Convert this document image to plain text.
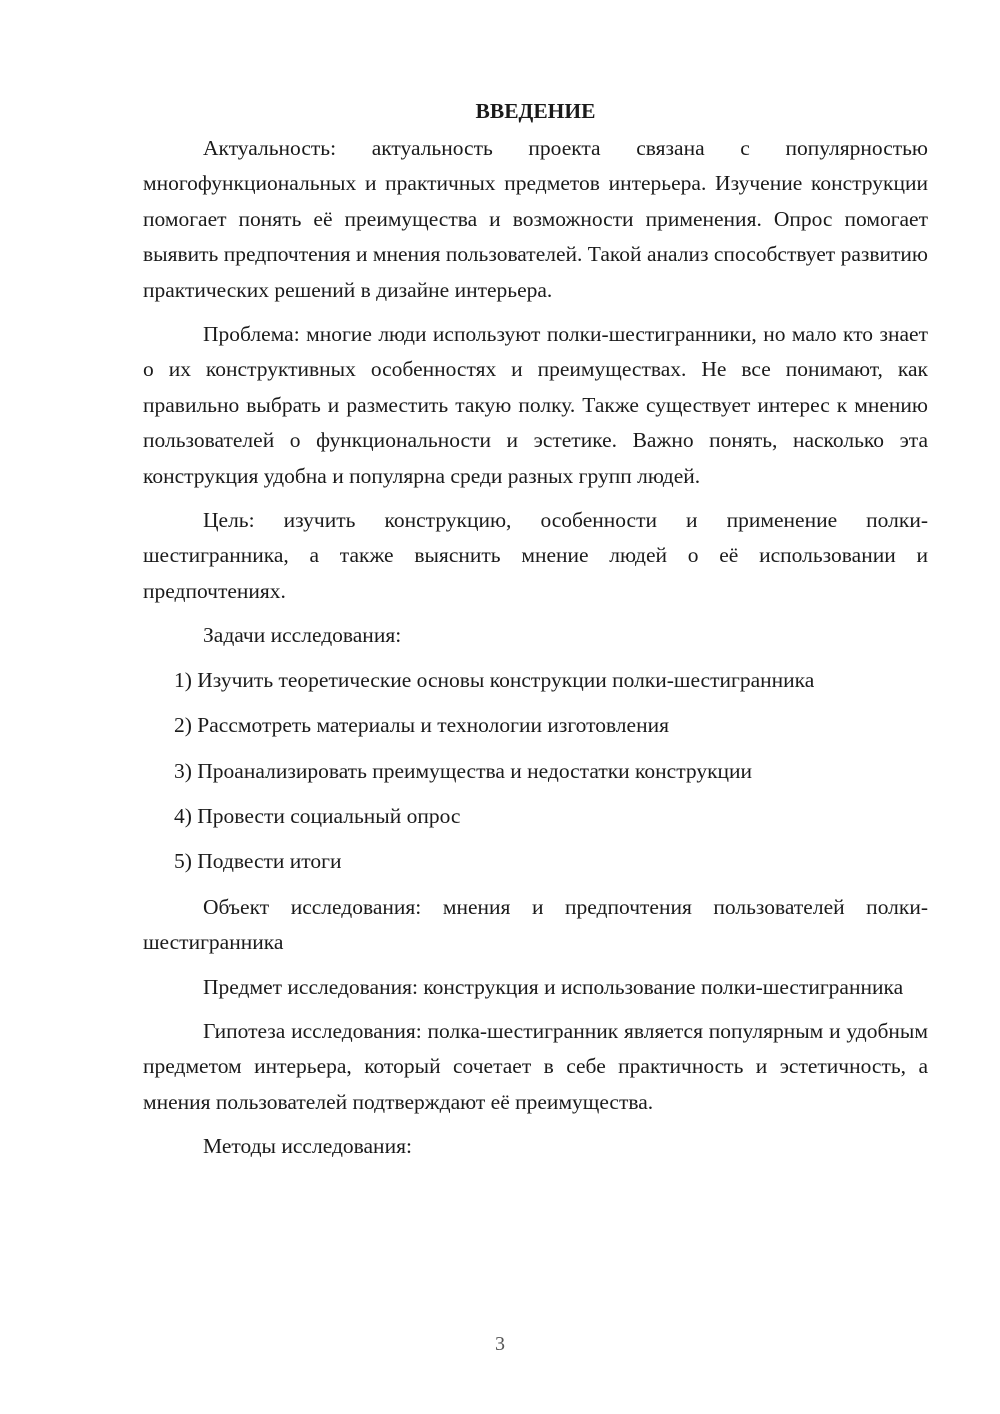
ВВЕДЕНИЕ

Актуальность: актуальность проекта связана с популярностью многофункциональных и практичных предметов интерьера. Изучение конструкции помогает понять её преимущества и возможности применения. Опрос помогает выявить предпочтения и мнения пользователей. Такой анализ способствует развитию практических решений в дизайне интерьера.

Проблема: многие люди используют полки-шестигранники, но мало кто знает о их конструктивных особенностях и преимуществах. Не все понимают, как правильно выбрать и разместить такую полку. Также существует интерес к мнению пользователей о функциональности и эстетике. Важно понять, насколько эта конструкция удобна и популярна среди разных групп людей.

Цель: изучить конструкцию, особенности и применение полки-шестигранника, а также выяснить мнение людей о её использовании и предпочтениях.

Задачи исследования:

1) Изучить теоретические основы конструкции полки-шестигранника
2) Рассмотреть материалы и технологии изготовления
3) Проанализировать преимущества и недостатки конструкции
4) Провести социальный опрос
5) Подвести итоги

Объект исследования: мнения и предпочтения пользователей полки-шестигранника

Предмет исследования: конструкция и использование полки-шестигранника

Гипотеза исследования: полка-шестигранник является популярным и удобным предметом интерьера, который сочетает в себе практичность и эстетичность, а мнения пользователей подтверждают её преимущества.

Методы исследования:

3
